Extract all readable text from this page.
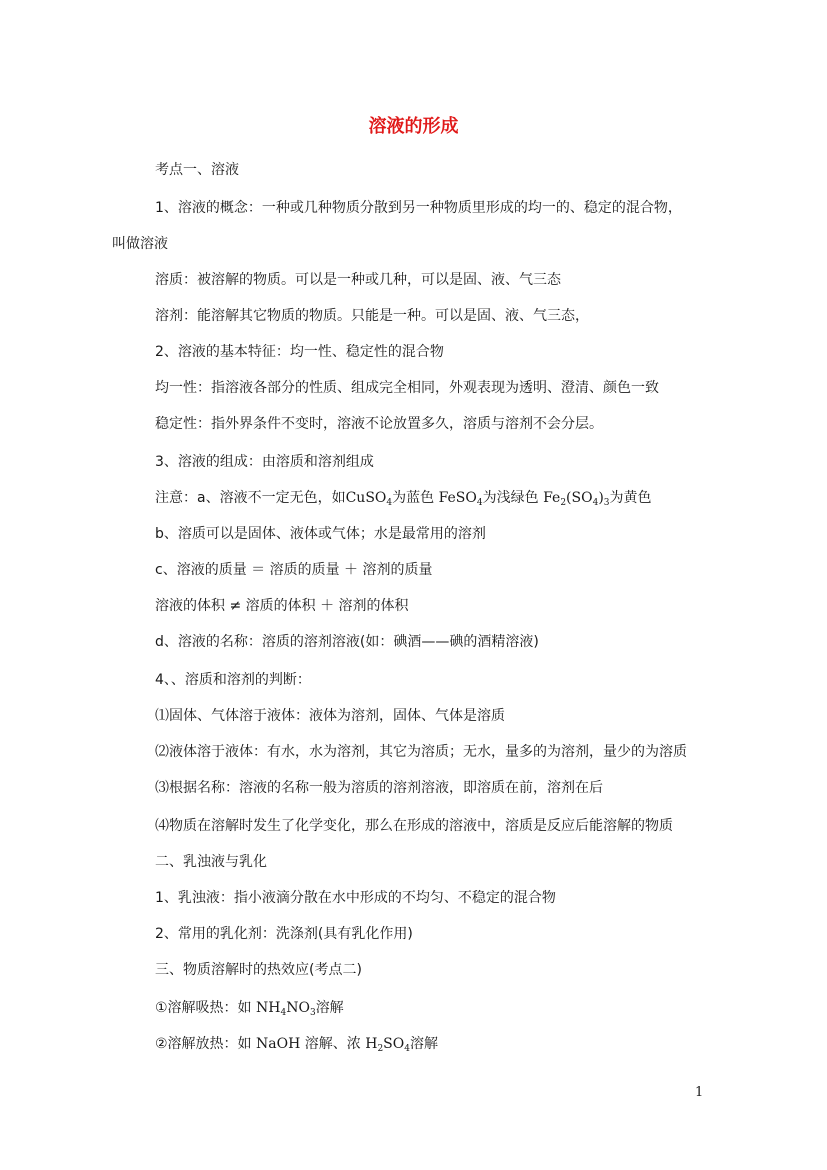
溶液的形成
考点一、溶液
1、溶液的概念：一种或几种物质分散到另一种物质里形成的均一的、稳定的混合物，
叫做溶液
溶质：被溶解的物质。可以是一种或几种，可以是固、液、气三态
溶剂：能溶解其它物质的物质。只能是一种。可以是固、液、气三态，
2、溶液的基本特征：均一性、稳定性的混合物
均一性：指溶液各部分的性质、组成完全相同，外观表现为透明、澄清、颜色一致
稳定性：指外界条件不变时，溶液不论放置多久，溶质与溶剂不会分层。
3、溶液的组成：由溶质和溶剂组成
注意：a、溶液不一定无色，如CuSO$_4$为蓝色 FeSO$_4$为浅绿色 $Fe_2(SO_4)_3$为黄色
b、溶质可以是固体、液体或气体；水是最常用的溶剂
c、溶液的质量 ＝ 溶质的质量 ＋ 溶剂的质量
溶液的体积 ≠ 溶质的体积 ＋ 溶剂的体积
d、溶液的名称：溶质的溶剂溶液(如：碘酒——碘的酒精溶液)
4、、溶质和溶剂的判断：
⑴固体、气体溶于液体：液体为溶剂，固体、气体是溶质
⑵液体溶于液体：有水，水为溶剂，其它为溶质；无水，量多的为溶剂，量少的为溶质
⑶根据名称：溶液的名称一般为溶质的溶剂溶液，即溶质在前，溶剂在后
⑷物质在溶解时发生了化学变化，那么在形成的溶液中，溶质是反应后能溶解的物质
二、乳浊液与乳化
1、乳浊液：指小液滴分散在水中形成的不均匀、不稳定的混合物
2、常用的乳化剂：洗涤剂(具有乳化作用)
三、物质溶解时的热效应(考点二)
①溶解吸热：如 $NH_4NO_3$溶解
②溶解放热：如 NaOH 溶解、浓 $H_2SO_4$溶解
1
